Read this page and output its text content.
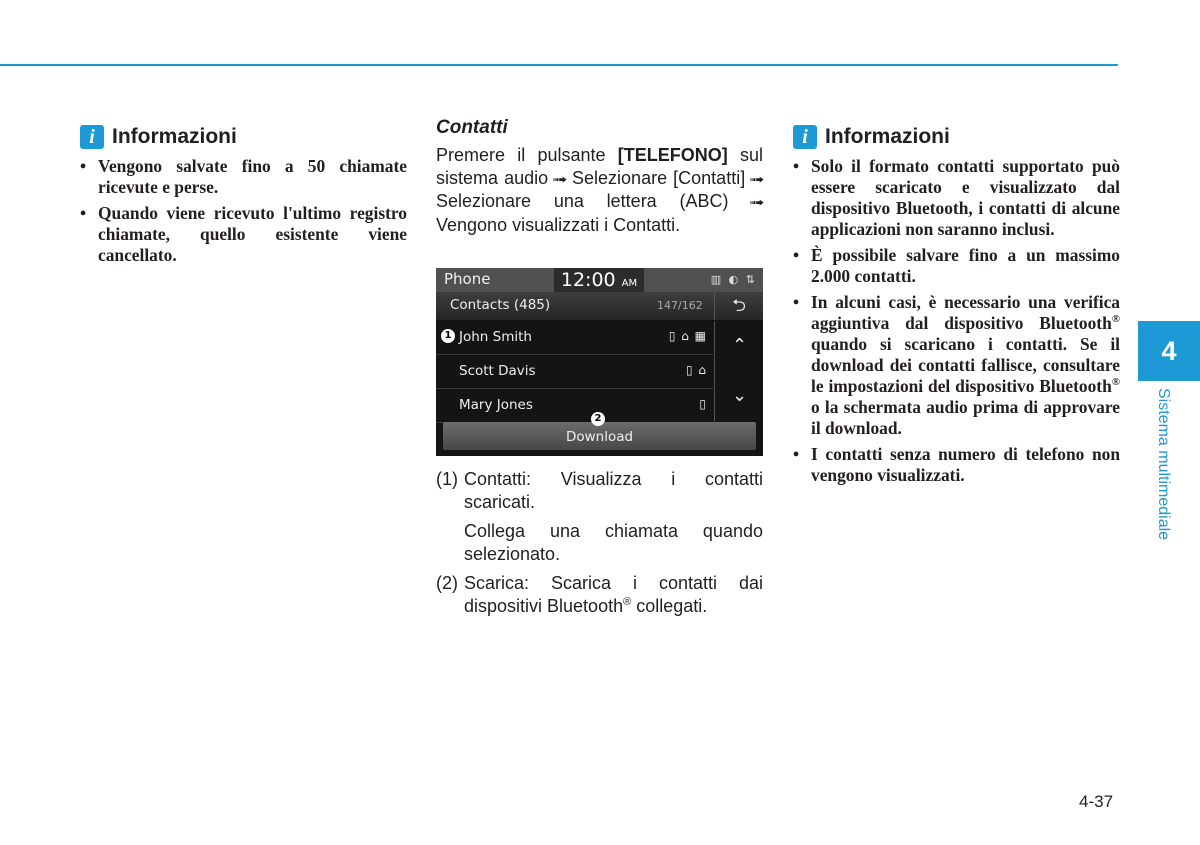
i Informazioni
• Vengono salvate fino a 50 chiamate ricevute e perse.
• Quando viene ricevuto l'ultimo registro chiamate, quello esistente viene cancellato.
Contatti

Premere il pulsante [TELEFONO] sul sistema audio ➟ Selezionare [Contatti] ➟ Selezionare una lettera (ABC) ➟ Vengono visualizzati i Contatti.

Phone	12:00 AM	▥ ◐ ⇅
Contacts (485)	147/162	⮌
John Smith	▯ ⌂ ▦
Scott Davis	▯ ⌂
Mary Jones	▯
⌃
⌄
Download
1
2
(1) Contatti: Visualizza i contatti scaricati.
Collega una chiamata quando selezionato.
(2) Scarica: Scarica i contatti dai dispositivi Bluetooth® collegati.
i Informazioni
• Solo il formato contatti supportato può essere scaricato e visualizzato dal dispositivo Bluetooth, i contatti di alcune applicazioni non saranno inclusi.
• È possibile salvare fino a un massimo 2.000 contatti.
• In alcuni casi, è necessario una verifica aggiuntiva dal dispositivo Bluetooth® quando si scaricano i contatti. Se il download dei contatti fallisce, consultare le impostazioni del dispositivo Bluetooth® o la schermata audio prima di approvare il download.
• I contatti senza numero di telefono non vengono visualizzati.
4
Sistema multimediale
4-37
